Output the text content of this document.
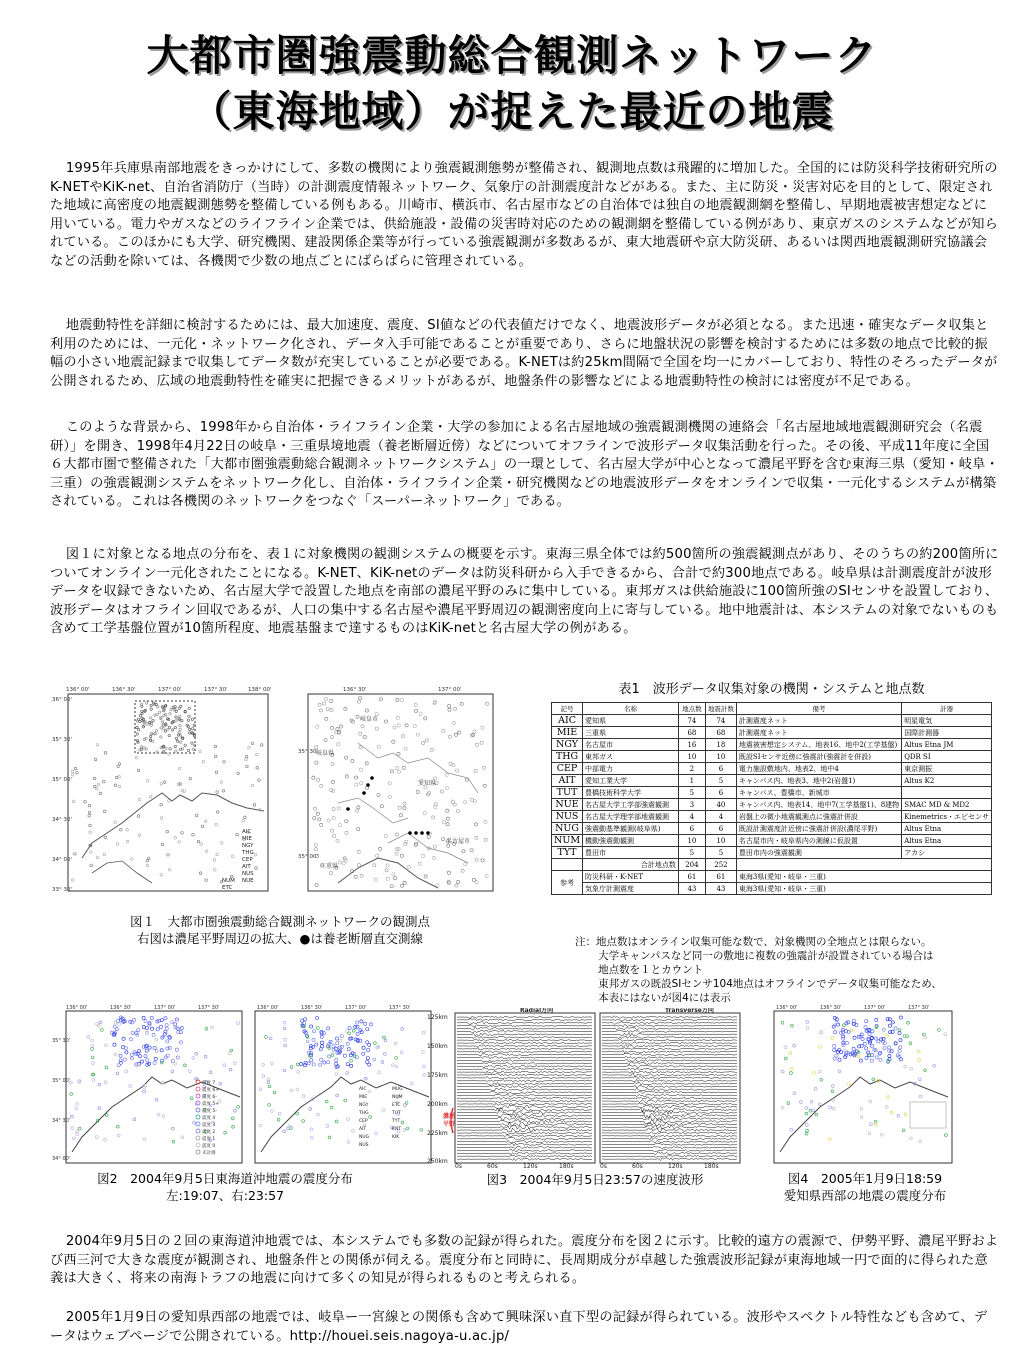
大都市圏強震動総合観測ネットワーク
（東海地域）が捉えた最近の地震

1995年兵庫県南部地震をきっかけにして、多数の機関により強震観測態勢が整備され、観測地点数は飛躍的に増加した。全国的には防災科学技術研究所のK-NETやKiK-net、自治省消防庁（当時）の計測震度情報ネットワーク、気象庁の計測震度計などがある。また、主に防災・災害対応を目的として、限定された地域に高密度の地震観測態勢を整備している例もある。川崎市、横浜市、名古屋市などの自治体では独自の地震観測網を整備し、早期地震被害想定などに用いている。電力やガスなどのライフライン企業では、供給施設・設備の災害時対応のための観測網を整備している例があり、東京ガスのシステムなどが知られている。このほかにも大学、研究機関、建設関係企業等が行っている強震観測が多数あるが、東大地震研や京大防災研、あるいは関西地震観測研究協議会などの活動を除いては、各機関で少数の地点ごとにばらばらに管理されている。

地震動特性を詳細に検討するためには、最大加速度、震度、SI値などの代表値だけでなく、地震波形データが必須となる。また迅速・確実なデータ収集と利用のためには、一元化・ネットワーク化され、データ入手可能であることが重要であり、さらに地盤状況の影響を検討するためには多数の地点で比較的振幅の小さい地震記録まで収集してデータ数が充実していることが必要である。K-NETは約25km間隔で全国を均一にカバーしており、特性のそろったデータが公開されるため、広域の地震動特性を確実に把握できるメリットがあるが、地盤条件の影響などによる地震動特性の検討には密度が不足である。

このような背景から、1998年から自治体・ライフライン企業・大学の参加による名古屋地域の強震観測機関の連絡会「名古屋地域地震観測研究会（名震研）」を開き、1998年4月22日の岐阜・三重県境地震（養老断層近傍）などについてオフラインで波形データ収集活動を行った。その後、平成11年度に全国６大都市圏で整備された「大都市圏強震動総合観測ネットワークシステム」の一環として、名古屋大学が中心となって濃尾平野を含む東海三県（愛知・岐阜・三重）の強震観測システムをネットワーク化し、自治体・ライフライン企業・研究機関などの地震波形データをオンラインで収集・一元化するシステムが構築されている。これは各機関のネットワークをつなぐ「スーパーネットワーク」である。

図１に対象となる地点の分布を、表１に対象機関の観測システムの概要を示す。東海三県全体では約500箇所の強震観測点があり、そのうちの約200箇所についてオンライン一元化されたことになる。K-NET、KiK-netのデータは防災科研から入手できるから、合計で約300地点である。岐阜県は計測震度計が波形データを収録できないため、名古屋大学で設置した地点を南部の濃尾平野のみに集中している。東邦ガスは供給施設に100箇所強のSIセンサを設置しており、波形データはオフライン回収であるが、人口の集中する名古屋や濃尾平野周辺の観測密度向上に寄与している。地中地震計は、本システムの対象でないものも含めて工学基盤位置が10箇所程度、地震基盤まで達するものはKiK-netと名古屋大学の例がある。

2004年9月5日の２回の東海道沖地震では、本システムでも多数の記録が得られた。震度分布を図２に示す。比較的遠方の震源で、伊勢平野、濃尾平野および西三河で大きな震度が観測され、地盤条件との関係が伺える。震度分布と同時に、長周期成分が卓越した強震波形記録が東海地域一円で面的に得られた意義は大きく、将来の南海トラフの地震に向けて多くの知見が得られるものと考えられる。

2005年1月9日の愛知県西部の地震では、岐阜ー一宮線との関係も含めて興味深い直下型の記録が得られている。波形やスペクトル特性なども含めて、データはウェブページで公開されている。http://houei.seis.nagoya-u.ac.jp/

136° 00'	136° 30'	137° 00'	137° 30'	138° 00'
36° 00'
35° 30'
35° 00'
34° 30'
34° 00'
33° 30'
AIC
MIE
NGY
THG
CEP
AIT
NUS
NUE
NUM
ETC
136° 30'	137° 00'
35° 30'
35° 00'
岐阜市
岐阜県
愛知県
名古屋市
三重県
図１　大都市圏強震動総合観測ネットワークの観測点
右図は濃尾平野周辺の拡大、●は養老断層直交測線
表1　波形データ収集対象の機関・システムと地点数
記号	名称	地点数	地震計数	備考	計器
AIC	愛知県	74	74	計測震度ネット	明星電気
MIE	三重県	68	68	計測震度ネット	国際計測器
NGY	名古屋市	16	18	地震被害想定システム、地表16、地中2(工学基盤)	Altus Etna JM
THG	東邦ガス	10	10	既設SIセンサ近傍に強震計(強震計を併設)	QDR SI
CEP	中部電力	2	6	電力施設敷地内、地表2、地中4	東京測振
AIT	愛知工業大学	1	5	キャンパス内、地表3、地中2(岩盤1)	Altus K2
TUT	豊橋技術科学大学	5	6	キャンパス、豊橋市、新城市	
NUE	名古屋大学工学部強震観測	3	40	キャンパス内、地表14、地中7(工学基盤1)、8建物	SMAC MD & MD2
NUS	名古屋大学理学部地震観測	4	4	岩盤上の微小地震観測点に強震計併設	Kinemetrics・エピセンサ
NUG	強震動基準観測(岐阜県)	6	6	既設計測震度計近傍に強震計併設(濃尾平野)	Altus Etna
NUM	機動強震動観測	10	10	名古屋市内・岐阜県内の測線に仮設置	Altus Etna
TYT	豊田市	5	5	豊田市内の強震観測	アカシ
	合計地点数	204	252		
参考	防災科研・K-NET	61	61	東海3県(愛知・岐阜・三重)	
	気象庁計測震度	43	43	東海3県(愛知・岐阜・三重)	
注：地点数はオンライン収集可能な数で、対象機関の全地点とは限らない。
大学キャンパスなど同一の敷地に複数の強震計が設置されている場合は
地点数を１とカウント
東邦ガスの既設SIセンサ104地点はオフラインでデータ収集可能なため、
本表にはないが図4には表示
136° 00'	136° 30'	137° 00'	137° 30'
35° 30'
35° 00'
34° 30'
34° 00'
震度 7
震度 6+
震度 6-
震度 5+
震度 5-
震度 4
震度 3
震度 2
震度 1
震度 0
未計測
136° 00'	136° 30'	137° 00'	137° 30'
AIC
MIE
NGY
THG
CEP
AIT
NUG
NUS
MUG
NUM
ETC
TUT
TYT
KNT
KIK
図2　2004年9月5日東海道沖地震の震度分布
左:19:07、右:23:57
Radial方向	Transverse方向
125km
150km
175km
200km
225km
250km
濃尾
平野
0s	60s	120s	180s	0s	60s	120s	180s
図3　2004年9月5日23:57の速度波形
136° 00'	136° 30'	137° 00'	137° 30'
図4　2005年1月9日18:59
愛知県西部の地震の震度分布
